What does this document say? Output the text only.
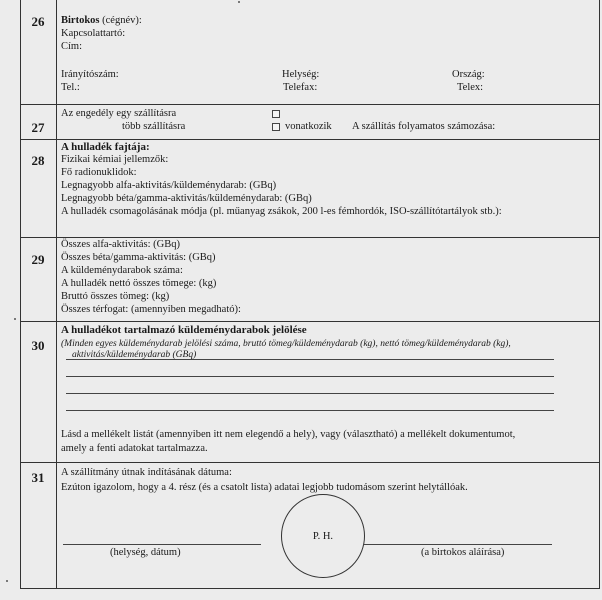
26	Birtokos (cégnév):
Kapcsolattartó:
Cím:
Irányítószám:	Helység:	Ország:
Tel.:	Telefax:	Telex:
27
Az engedély egy szállításra
több szállításra	vonatkozik A szállítás folyamatos számozása:
28
A hulladék fajtája:
Fizikai kémiai jellemzők:
Fő radionuklidok:
Legnagyobb alfa-aktivitás/küldeménydarab: (GBq)
Legnagyobb béta/gamma-aktivitás/küldeménydarab: (GBq)
A hulladék csomagolásának módja (pl. műanyag zsákok, 200 l-es fémhordók, ISO-szállítótartályok stb.):
29
Összes alfa-aktivitás: (GBq)
Összes béta/gamma-aktivitás: (GBq)
A küldeménydarabok száma:
A hulladék nettó összes tömege: (kg)
Bruttó összes tömeg: (kg)
Összes térfogat: (amennyiben megadható):
30
A hulladékot tartalmazó küldeménydarabok jelölése
(Minden egyes küldeménydarab jelölési száma, bruttó tömeg/küldeménydarab (kg), nettó tömeg/küldeménydarab (kg),
aktivitás/küldeménydarab (GBq)
Lásd a mellékelt listát (amennyiben itt nem elegendő a hely), vagy (választható) a mellékelt dokumentumot,
amely a fenti adatokat tartalmazza.
31	A szállítmány útnak indításának dátuma:
Ezúton igazolom, hogy a 4. rész (és a csatolt lista) adatai legjobb tudomásom szerint helytállóak.
P. H.
(helység, dátum)	(a birtokos aláírása)
